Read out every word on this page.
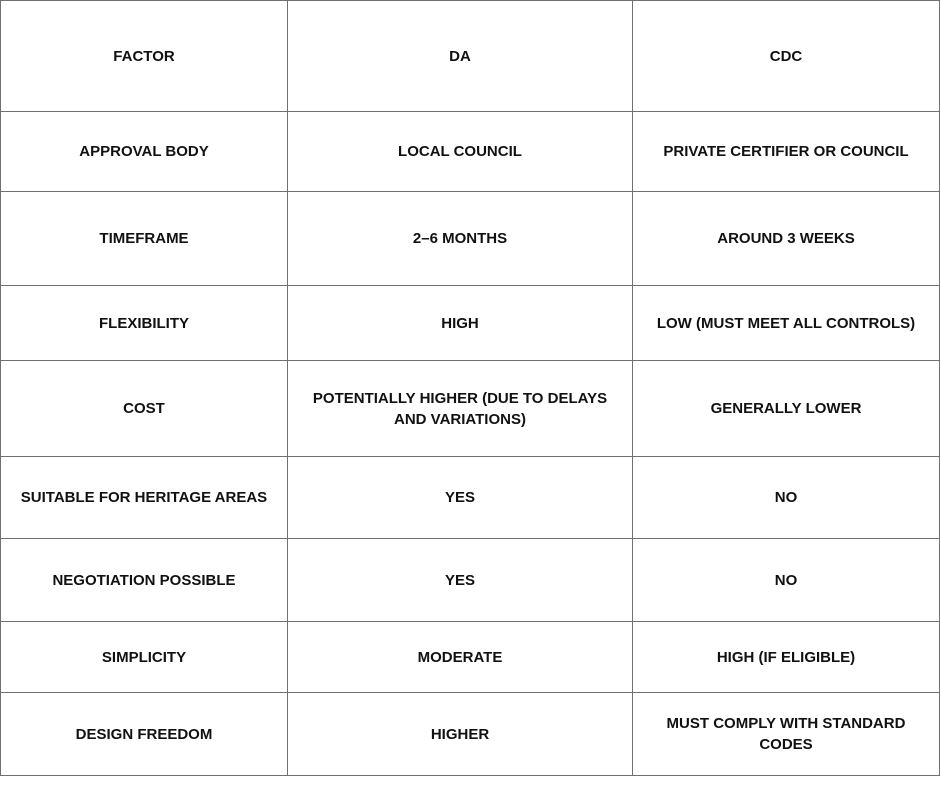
FACTOR	DA	CDC
APPROVAL BODY	LOCAL COUNCIL	PRIVATE CERTIFIER OR COUNCIL
TIMEFRAME	2–6 MONTHS	AROUND 3 WEEKS
FLEXIBILITY	HIGH	LOW (MUST MEET ALL CONTROLS)
COST	POTENTIALLY HIGHER (DUE TO DELAYS AND VARIATIONS)	GENERALLY LOWER
SUITABLE FOR HERITAGE AREAS	YES	NO
NEGOTIATION POSSIBLE	YES	NO
SIMPLICITY	MODERATE	HIGH (IF ELIGIBLE)
DESIGN FREEDOM	HIGHER	MUST COMPLY WITH STANDARD CODES
